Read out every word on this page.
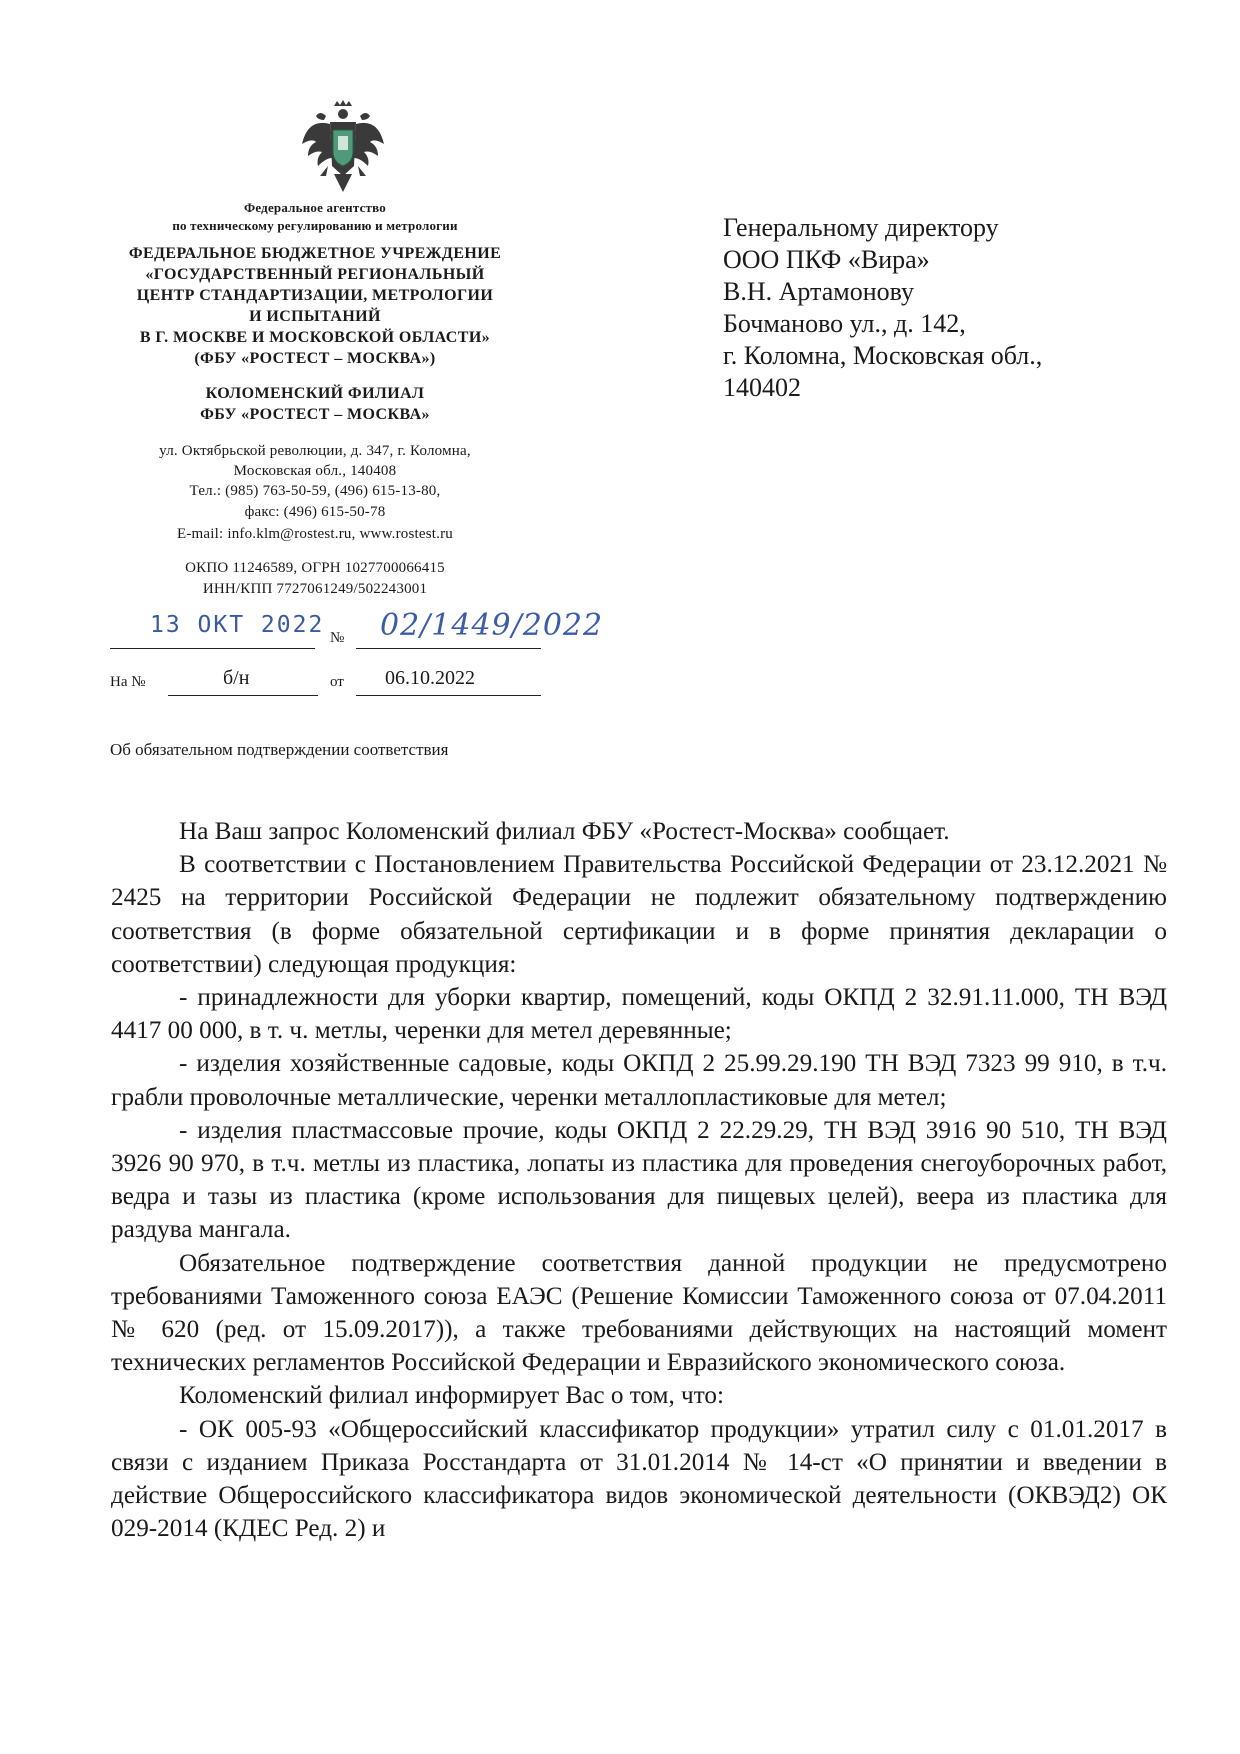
Федеральное агентство
по техническому регулированию и метрологии
ФЕДЕРАЛЬНОЕ БЮДЖЕТНОЕ УЧРЕЖДЕНИЕ
«ГОСУДАРСТВЕННЫЙ РЕГИОНАЛЬНЫЙ
ЦЕНТР СТАНДАРТИЗАЦИИ, МЕТРОЛОГИИ
И ИСПЫТАНИЙ
В Г. МОСКВЕ И МОСКОВСКОЙ ОБЛАСТИ»
(ФБУ «РОСТЕСТ – МОСКВА»)
КОЛОМЕНСКИЙ ФИЛИАЛ
ФБУ «РОСТЕСТ – МОСКВА»
ул. Октябрьской революции, д. 347, г. Коломна,
Московская обл., 140408
Тел.: (985) 763-50-59, (496) 615-13-80,
факс: (496) 615-50-78
E-mail: info.klm@rostest.ru, www.rostest.ru
ОКПО 11246589, ОГРН 1027700066415
ИНН/КПП 7727061249/502243001
13 ОКТ 2022 № 02/1449/2022
На №	б/н	от 06.10.2022
Генеральному директору
ООО ПКФ «Вира»
В.Н. Артамонову
Бочманово ул., д. 142,
г. Коломна, Московская обл.,
140402
Об обязательном подтверждении соответствия

На Ваш запрос Коломенский филиал ФБУ «Ростест-Москва» сообщает.

В соответствии с Постановлением Правительства Российской Федерации от 23.12.2021 № 2425 на территории Российской Федерации не подлежит обязательному подтверждению соответствия (в форме обязательной сертификации и в форме принятия декларации о соответствии) следующая продукция:

- принадлежности для уборки квартир, помещений, коды ОКПД 2 32.91.11.000, ТН ВЭД 4417 00 000, в т. ч. метлы, черенки для метел деревянные;

- изделия хозяйственные садовые, коды ОКПД 2 25.99.29.190 ТН ВЭД 7323 99 910, в т.ч. грабли проволочные металлические, черенки металлопластиковые для метел;

- изделия пластмассовые прочие, коды ОКПД 2 22.29.29, ТН ВЭД 3916 90 510, ТН ВЭД 3926 90 970, в т.ч. метлы из пластика, лопаты из пластика для проведения снегоуборочных работ, ведра и тазы из пластика (кроме использования для пищевых целей), веера из пластика для раздува мангала.

Обязательное подтверждение соответствия данной продукции не предусмотрено требованиями Таможенного союза ЕАЭС (Решение Комиссии Таможенного союза от 07.04.2011 № 620 (ред. от 15.09.2017)), а также требованиями действующих на настоящий момент технических регламентов Российской Федерации и Евразийского экономического союза.

Коломенский филиал информирует Вас о том, что:

- ОК 005-93 «Общероссийский классификатор продукции» утратил силу с 01.01.2017 в связи с изданием Приказа Росстандарта от 31.01.2014 № 14-ст «О принятии и введении в действие Общероссийского классификатора видов экономической деятельности (ОКВЭД2) ОК 029-2014 (КДЕС Ред. 2) и
